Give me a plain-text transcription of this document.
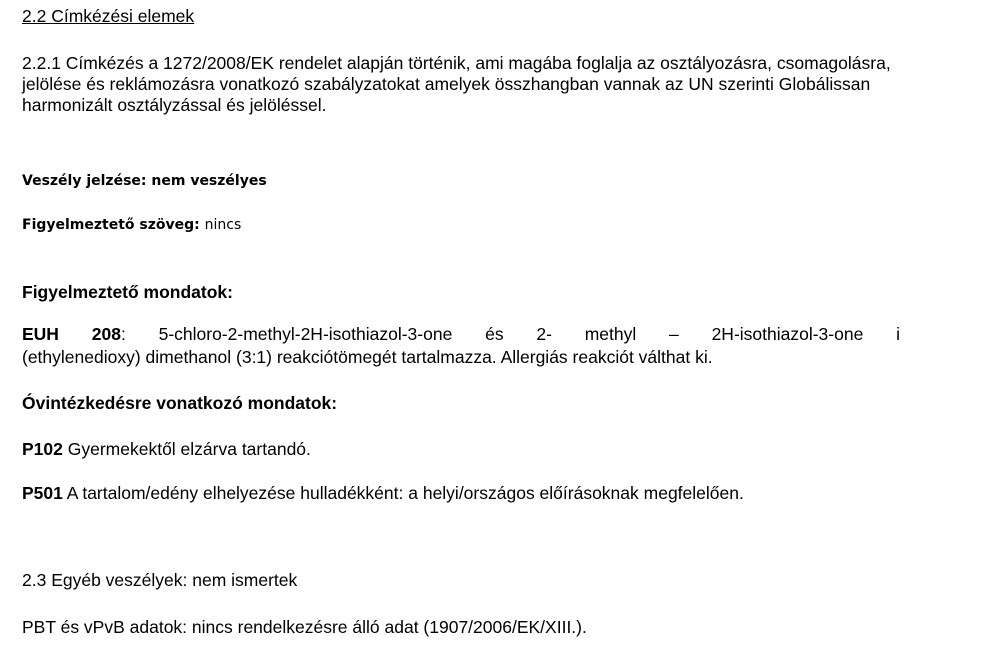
2.2 Címkézési elemek
2.2.1 Címkézés a 1272/2008/EK rendelet alapján történik, ami magába foglalja az osztályozásra, csomagolásra, jelölése és reklámozásra vonatkozó szabályzatokat amelyek összhangban vannak az UN szerinti Globálissan harmonizált osztályzással és jelöléssel.
Veszély jelzése: nem veszélyes
Figyelmeztető szöveg: nincs
Figyelmeztető mondatok:
EUH 208: 5-chloro-2-methyl-2H-isothiazol-3-one és 2- methyl – 2H-isothiazol-3-one i
(ethylenedioxy) dimethanol (3:1) reakciótömegét tartalmazza. Allergiás reakciót válthat ki.
Óvintézkedésre vonatkozó mondatok:
P102 Gyermekektől elzárva tartandó.
P501 A tartalom/edény elhelyezése hulladékként: a helyi/országos előírásoknak megfelelően.
2.3 Egyéb veszélyek: nem ismertek
PBT és vPvB adatok: nincs rendelkezésre álló adat (1907/2006/EK/XIII.).
